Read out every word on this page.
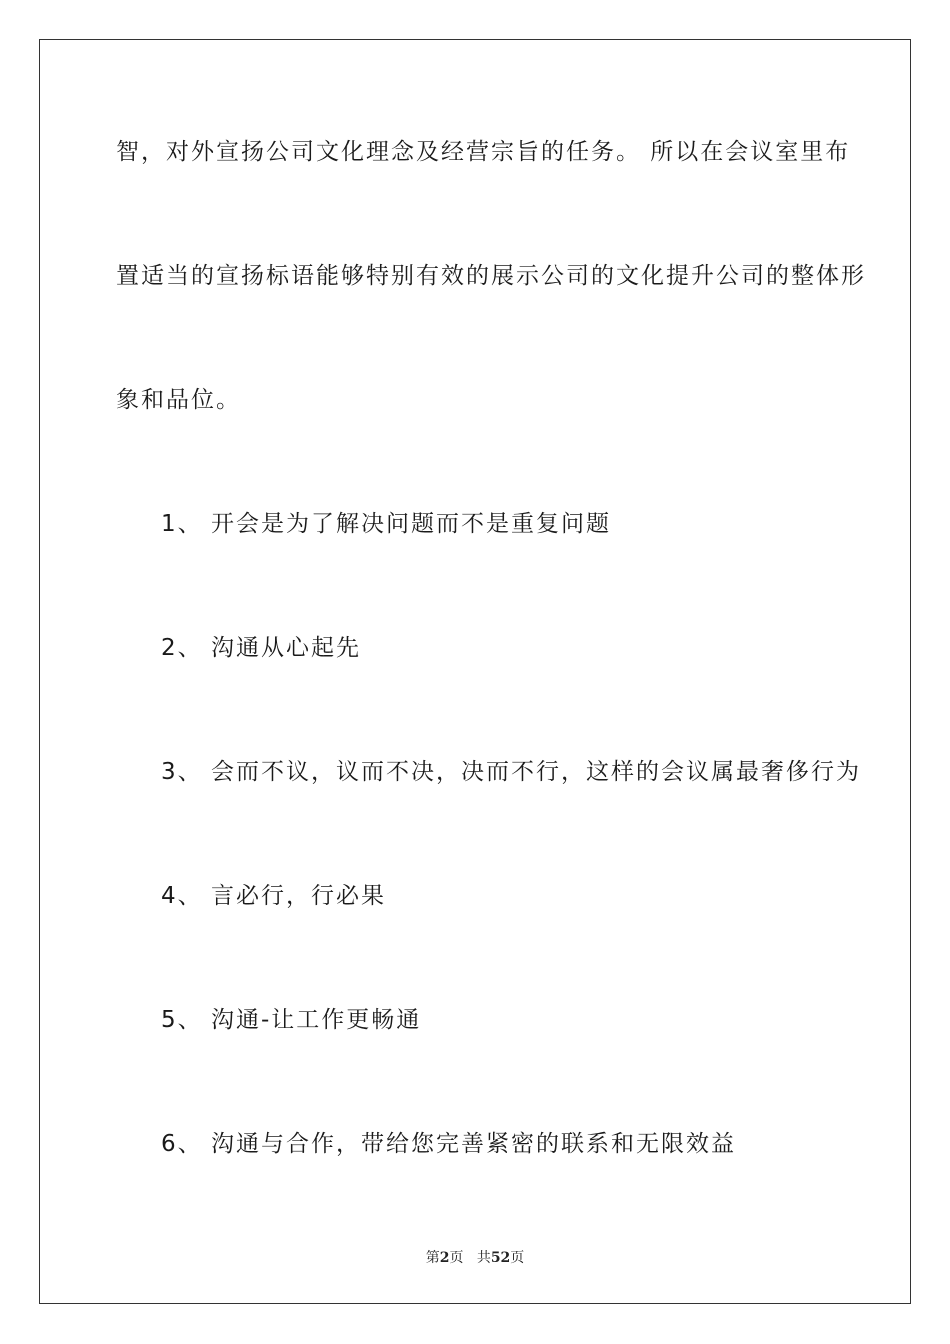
智，对外宣扬公司文化理念及经营宗旨的任务。 所以在会议室里布
置适当的宣扬标语能够特别有效的展示公司的文化提升公司的整体形
象和品位。
1、 开会是为了解决问题而不是重复问题
2、 沟通从心起先
3、 会而不议，议而不决，决而不行，这样的会议属最奢侈行为
4、 言必行，行必果
5、 沟通-让工作更畅通
6、 沟通与合作，带给您完善紧密的联系和无限效益
第2页 共52页
